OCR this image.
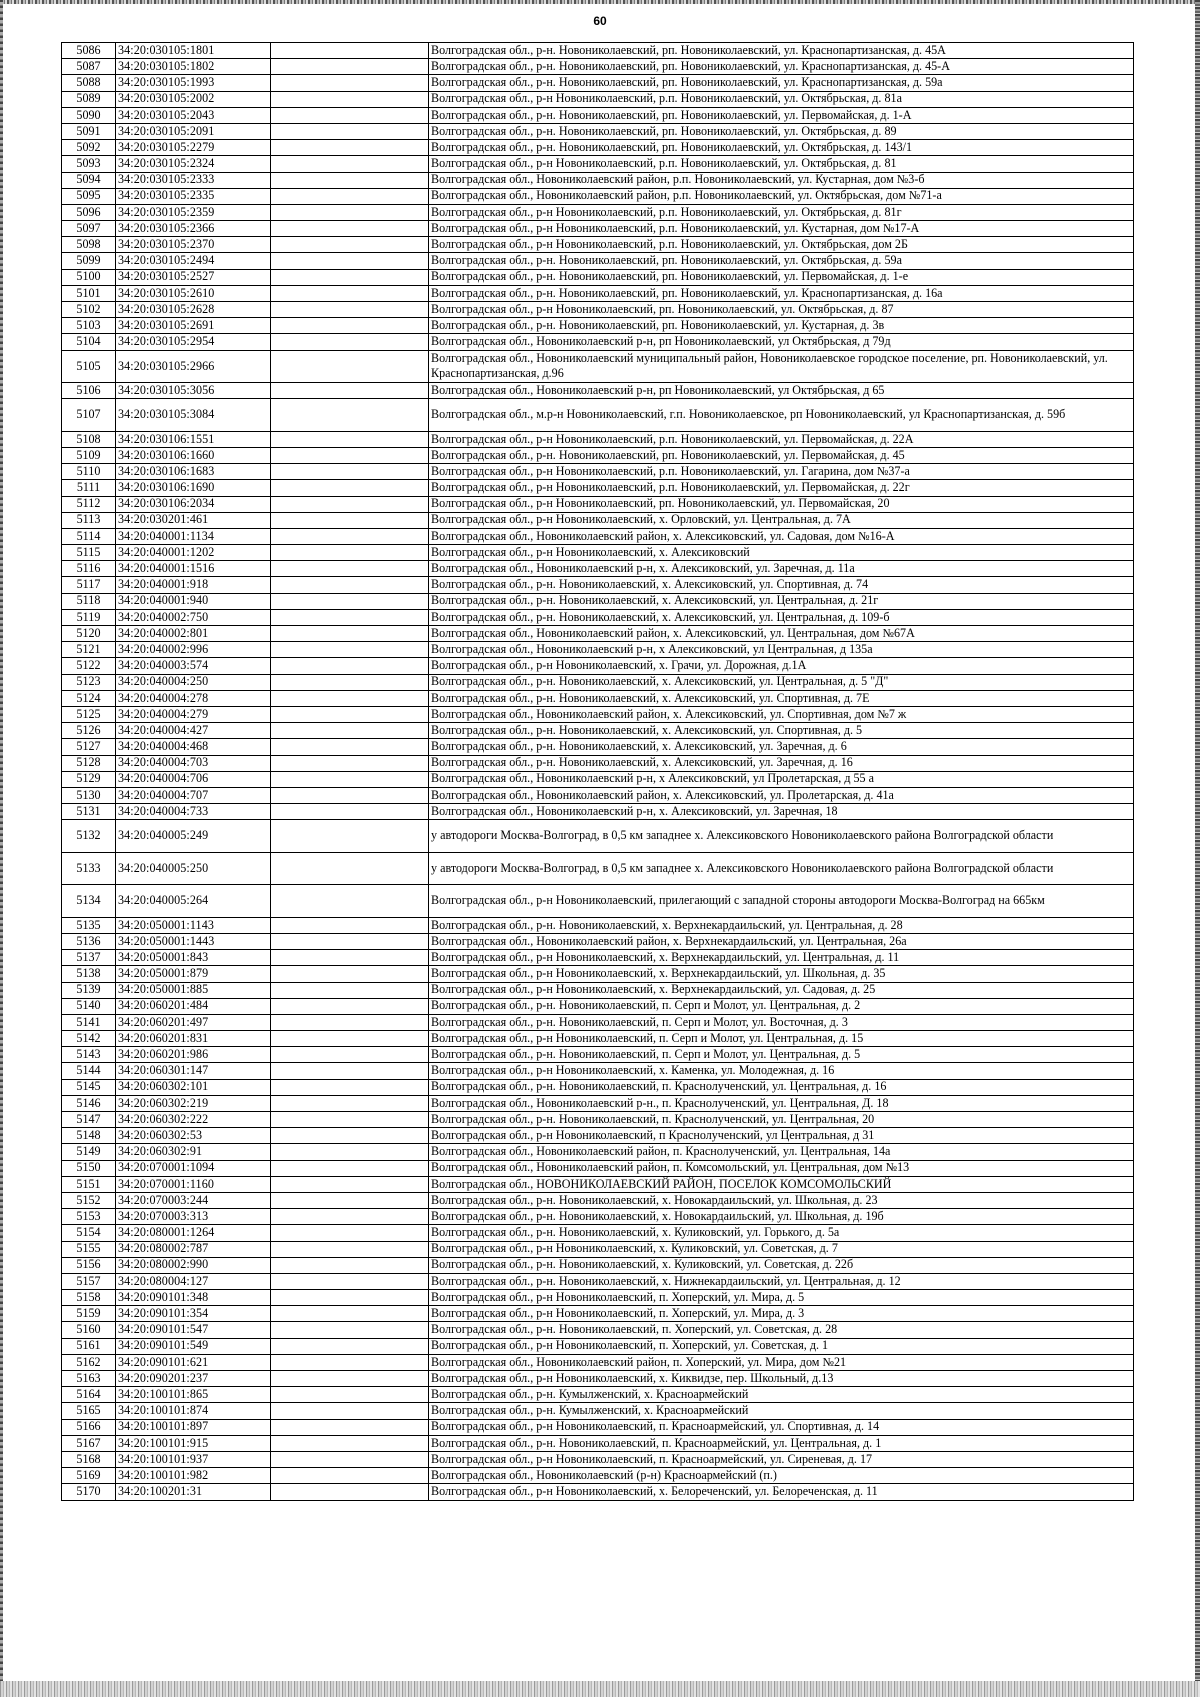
60
5086	34:20:030105:1801		Волгоградская обл., р-н. Новониколаевский, рп. Новониколаевский, ул. Краснопартизанская, д. 45А
5087	34:20:030105:1802		Волгоградская обл., р-н. Новониколаевский, рп. Новониколаевский, ул. Краснопартизанская, д. 45-А
5088	34:20:030105:1993		Волгоградская обл., р-н. Новониколаевский, рп. Новониколаевский, ул. Краснопартизанская, д. 59а
5089	34:20:030105:2002		Волгоградская обл., р-н Новониколаевский, р.п. Новониколаевский, ул. Октябрьская, д. 81а
5090	34:20:030105:2043		Волгоградская обл., р-н. Новониколаевский, рп. Новониколаевский, ул. Первомайская, д. 1-А
5091	34:20:030105:2091		Волгоградская обл., р-н. Новониколаевский, рп. Новониколаевский, ул. Октябрьская, д. 89
5092	34:20:030105:2279		Волгоградская обл., р-н. Новониколаевский, рп. Новониколаевский, ул. Октябрьская, д. 143/1
5093	34:20:030105:2324		Волгоградская обл., р-н Новониколаевский, р.п. Новониколаевский, ул. Октябрьская, д. 81
5094	34:20:030105:2333		Волгоградская обл., Новониколаевский район, р.п. Новониколаевский, ул. Кустарная, дом №3-б
5095	34:20:030105:2335		Волгоградская обл., Новониколаевский район, р.п. Новониколаевский, ул. Октябрьская, дом №71-а
5096	34:20:030105:2359		Волгоградская обл., р-н Новониколаевский, р.п. Новониколаевский, ул. Октябрьская, д. 81г
5097	34:20:030105:2366		Волгоградская обл., р-н Новониколаевский, р.п. Новониколаевский, ул. Кустарная, дом №17-А
5098	34:20:030105:2370		Волгоградская обл., р-н Новониколаевский, р.п. Новониколаевский, ул. Октябрьская, дом 2Б
5099	34:20:030105:2494		Волгоградская обл., р-н. Новониколаевский, рп. Новониколаевский, ул. Октябрьская, д. 59а
5100	34:20:030105:2527		Волгоградская обл., р-н. Новониколаевский, рп. Новониколаевский, ул. Первомайская, д. 1-е
5101	34:20:030105:2610		Волгоградская обл., р-н. Новониколаевский, рп. Новониколаевский, ул. Краснопартизанская, д. 16а
5102	34:20:030105:2628		Волгоградская обл., р-н Новониколаевский, рп. Новониколаевский, ул. Октябрьская, д. 87
5103	34:20:030105:2691		Волгоградская обл., р-н. Новониколаевский, рп. Новониколаевский, ул. Кустарная, д. 3в
5104	34:20:030105:2954		Волгоградская обл., Новониколаевский р-н, рп Новониколаевский, ул Октябрьская, д 79д
5105	34:20:030105:2966		Волгоградская обл., Новониколаевский муниципальный район, Новониколаевское городское поселение, рп. Новониколаевский, ул. Краснопартизанская, д.96
5106	34:20:030105:3056		Волгоградская обл., Новониколаевский р-н, рп Новониколаевский, ул Октябрьская, д 65
5107	34:20:030105:3084		Волгоградская обл., м.р-н Новониколаевский, г.п. Новониколаевское, рп Новониколаевский, ул Краснопартизанская, д. 59б
5108	34:20:030106:1551		Волгоградская обл., р-н Новониколаевский, р.п. Новониколаевский, ул. Первомайская, д. 22А
5109	34:20:030106:1660		Волгоградская обл., р-н. Новониколаевский, рп. Новониколаевский, ул. Первомайская, д. 45
5110	34:20:030106:1683		Волгоградская обл., р-н Новониколаевский, р.п. Новониколаевский, ул. Гагарина, дом №37-а
5111	34:20:030106:1690		Волгоградская обл., р-н Новониколаевский, р.п. Новониколаевский, ул. Первомайская, д. 22г
5112	34:20:030106:2034		Волгоградская обл., р-н Новониколаевский, рп. Новониколаевский, ул. Первомайская, 20
5113	34:20:030201:461		Волгоградская обл., р-н Новониколаевский, х. Орловский, ул. Центральная, д. 7А
5114	34:20:040001:1134		Волгоградская обл., Новониколаевский район, х. Алексиковский, ул. Садовая, дом №16-А
5115	34:20:040001:1202		Волгоградская обл., р-н Новониколаевский, х. Алексиковский
5116	34:20:040001:1516		Волгоградская обл., Новониколаевский р-н, х. Алексиковский, ул. Заречная, д. 11а
5117	34:20:040001:918		Волгоградская обл., р-н. Новониколаевский, х. Алексиковский, ул. Спортивная, д. 74
5118	34:20:040001:940		Волгоградская обл., р-н. Новониколаевский, х. Алексиковский, ул. Центральная, д. 21г
5119	34:20:040002:750		Волгоградская обл., р-н. Новониколаевский, х. Алексиковский, ул. Центральная, д. 109-б
5120	34:20:040002:801		Волгоградская обл., Новониколаевский район, х. Алексиковский, ул. Центральная, дом №67А
5121	34:20:040002:996		Волгоградская обл., Новониколаевский р-н, х Алексиковский, ул Центральная, д 135а
5122	34:20:040003:574		Волгоградская обл., р-н Новониколаевский, х. Грачи, ул. Дорожная, д.1А
5123	34:20:040004:250		Волгоградская обл., р-н. Новониколаевский, х. Алексиковский, ул. Центральная, д. 5 "Д"
5124	34:20:040004:278		Волгоградская обл., р-н. Новониколаевский, х. Алексиковский, ул. Спортивная, д. 7Е
5125	34:20:040004:279		Волгоградская обл., Новониколаевский район, х. Алексиковский, ул. Спортивная, дом №7 ж
5126	34:20:040004:427		Волгоградская обл., р-н. Новониколаевский, х. Алексиковский, ул. Спортивная, д. 5
5127	34:20:040004:468		Волгоградская обл., р-н. Новониколаевский, х. Алексиковский, ул. Заречная, д. 6
5128	34:20:040004:703		Волгоградская обл., р-н. Новониколаевский, х. Алексиковский, ул. Заречная, д. 16
5129	34:20:040004:706		Волгоградская обл., Новониколаевский р-н, х Алексиковский, ул Пролетарская, д 55 а
5130	34:20:040004:707		Волгоградская обл., Новониколаевский район, х. Алексиковский, ул. Пролетарская, д. 41а
5131	34:20:040004:733		Волгоградская обл., Новониколаевский р-н, х. Алексиковский, ул. Заречная, 18
5132	34:20:040005:249		у автодороги Москва-Волгоград, в 0,5 км западнее х. Алексиковского Новониколаевского района Волгоградской области
5133	34:20:040005:250		у автодороги Москва-Волгоград, в 0,5 км западнее х. Алексиковского Новониколаевского района Волгоградской области
5134	34:20:040005:264		Волгоградская обл., р-н Новониколаевский, прилегающий с западной стороны автодороги Москва-Волгоград на 665км
5135	34:20:050001:1143		Волгоградская обл., р-н. Новониколаевский, х. Верхнекардаильский, ул. Центральная, д. 28
5136	34:20:050001:1443		Волгоградская обл., Новониколаевский район, х. Верхнекардаильский, ул. Центральная, 26а
5137	34:20:050001:843		Волгоградская обл., р-н Новониколаевский, х. Верхнекардаильский, ул. Центральная, д. 11
5138	34:20:050001:879		Волгоградская обл., р-н Новониколаевский, х. Верхнекардаильский, ул. Школьная, д. 35
5139	34:20:050001:885		Волгоградская обл., р-н Новониколаевский, х. Верхнекардаильский, ул. Садовая, д. 25
5140	34:20:060201:484		Волгоградская обл., р-н. Новониколаевский, п. Серп и Молот, ул. Центральная, д. 2
5141	34:20:060201:497		Волгоградская обл., р-н. Новониколаевский, п. Серп и Молот, ул. Восточная, д. 3
5142	34:20:060201:831		Волгоградская обл., р-н Новониколаевский, п. Серп и Молот, ул. Центральная, д. 15
5143	34:20:060201:986		Волгоградская обл., р-н. Новониколаевский, п. Серп и Молот, ул. Центральная, д. 5
5144	34:20:060301:147		Волгоградская обл., р-н Новониколаевский, х. Каменка, ул. Молодежная, д. 16
5145	34:20:060302:101		Волгоградская обл., р-н. Новониколаевский, п. Краснолученский, ул. Центральная, д. 16
5146	34:20:060302:219		Волгоградская обл., Новониколаевский р-н., п. Краснолученский, ул. Центральная, Д. 18
5147	34:20:060302:222		Волгоградская обл., р-н. Новониколаевский, п. Краснолученский, ул. Центральная, 20
5148	34:20:060302:53		Волгоградская обл., р-н Новониколаевский, п Краснолученский, ул Центральная, д 31
5149	34:20:060302:91		Волгоградская обл., Новониколаевский район, п. Краснолученский, ул. Центральная, 14а
5150	34:20:070001:1094		Волгоградская обл., Новониколаевский район, п. Комсомольский, ул. Центральная, дом №13
5151	34:20:070001:1160		Волгоградская обл., НОВОНИКОЛАЕВСКИЙ РАЙОН, ПОСЕЛОК КОМСОМОЛЬСКИЙ
5152	34:20:070003:244		Волгоградская обл., р-н. Новониколаевский, х. Новокардаильский, ул. Школьная, д. 23
5153	34:20:070003:313		Волгоградская обл., р-н. Новониколаевский, х. Новокардаильский, ул. Школьная, д. 19б
5154	34:20:080001:1264		Волгоградская обл., р-н. Новониколаевский, х. Куликовский, ул. Горького, д. 5а
5155	34:20:080002:787		Волгоградская обл., р-н Новониколаевский, х. Куликовский, ул. Советская, д. 7
5156	34:20:080002:990		Волгоградская обл., р-н. Новониколаевский, х. Куликовский, ул. Советская, д. 22б
5157	34:20:080004:127		Волгоградская обл., р-н. Новониколаевский, х. Нижнекардаильский, ул. Центральная, д. 12
5158	34:20:090101:348		Волгоградская обл., р-н Новониколаевский, п. Хоперский, ул. Мира, д. 5
5159	34:20:090101:354		Волгоградская обл., р-н Новониколаевский, п. Хоперский, ул. Мира, д. 3
5160	34:20:090101:547		Волгоградская обл., р-н. Новониколаевский, п. Хоперский, ул. Советская, д. 28
5161	34:20:090101:549		Волгоградская обл., р-н Новониколаевский, п. Хоперский, ул. Советская, д. 1
5162	34:20:090101:621		Волгоградская обл., Новониколаевский район, п. Хоперский, ул. Мира, дом №21
5163	34:20:090201:237		Волгоградская обл., р-н Новониколаевский, х. Киквидзе, пер. Школьный, д.13
5164	34:20:100101:865		Волгоградская обл., р-н. Кумылженский, х. Красноармейский
5165	34:20:100101:874		Волгоградская обл., р-н. Кумылженский, х. Красноармейский
5166	34:20:100101:897		Волгоградская обл., р-н Новониколаевский, п. Красноармейский, ул. Спортивная, д. 14
5167	34:20:100101:915		Волгоградская обл., р-н. Новониколаевский, п. Красноармейский, ул. Центральная, д. 1
5168	34:20:100101:937		Волгоградская обл., р-н Новониколаевский, п. Красноармейский, ул. Сиреневая, д. 17
5169	34:20:100101:982		Волгоградская обл., Новониколаевский (р-н) Красноармейский (п.)
5170	34:20:100201:31		Волгоградская обл., р-н Новониколаевский, х. Белореченский, ул. Белореченская, д. 11
